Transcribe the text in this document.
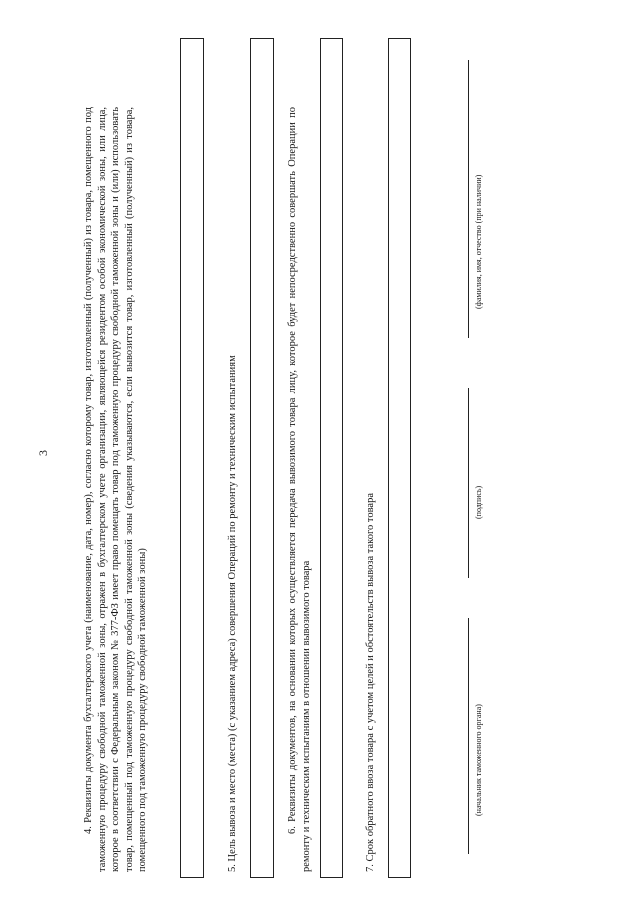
3	4. Реквизиты документа бухгалтерского учета (наименование, дата, номер), согласно которому товар, изготовленный (полученный) из товара, помещенного под таможенную процедуру свободной таможенной зоны, отражен в бухгалтерском учете организации, являющейся резидентом особой экономической зоны, или лица, которое в соответствии с Федеральным законом № 377-ФЗ имеет право помещать товар под таможенную процедуру свободной таможенной зоны и (или) использовать товар, помещенный под таможенную процедуру свободной таможенной зоны (сведения указываются, если вывозится товар, изготовленный (полученный) из товара, помещенного под таможенную процедуру свободной таможенной зоны)	5. Цель вывоза и место (места) (с указанием адреса) совершения Операций по ремонту и техническим испытаниям	6. Реквизиты документов, на основании которых осуществляется передача вывозимого товара лицу, которое будет непосредственно совершать Операции по ремонту и техническим испытаниям в отношении вывозимого товара	7. Срок обратного ввоза товара с учетом целей и обстоятельств вывоза такого товара	(начальник таможенного органа)
(подпись)
(фамилия, имя, отчество (при наличии)
